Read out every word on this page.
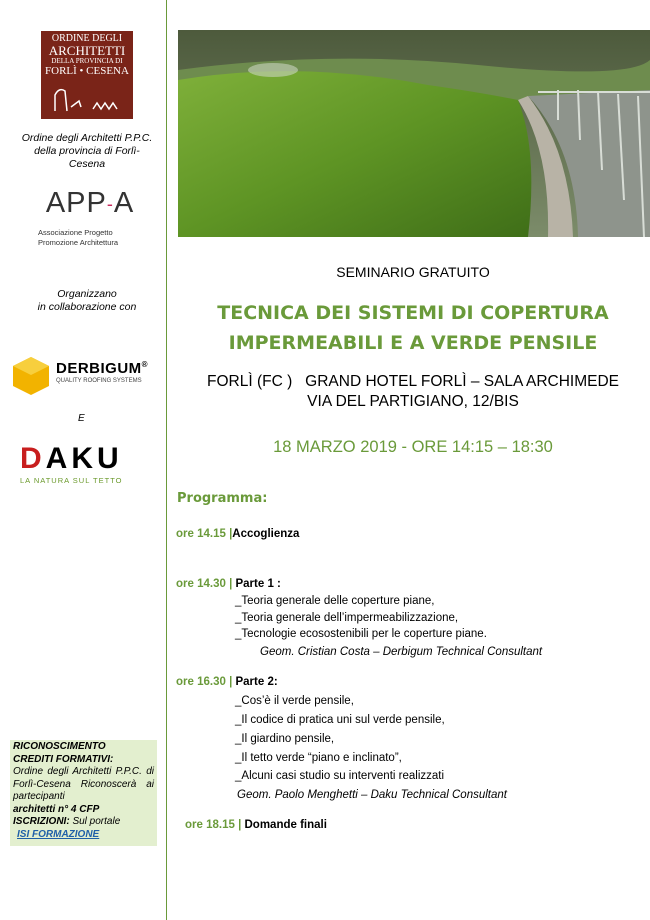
ORDINE DEGLI
ARCHITETTI
DELLA PROVINCIA DI
FORLÌ • CESENA
Ordine degli Architetti P.P.C.
della provincia di Forlì-
Cesena
APP-A
Associazione Progetto
Promozione Architettura
Organizzano
in collaborazione con
DERBIGUM®
QUALITY ROOFING SYSTEMS
E
DAKU
LA NATURA SUL TETTO
RICONOSCIMENTO
CREDITI FORMATIVI:
Ordine degli Architetti P.P.C. di Forlì-Cesena Riconoscerà ai partecipanti
architetti n° 4 CFP
ISCRIZIONI: Sul portale
ISI FORMAZIONE
SEMINARIO GRATUITO
TECNICA DEI SISTEMI DI COPERTURA
IMPERMEABILI E A VERDE PENSILE
FORLÌ (FC )   GRAND HOTEL FORLÌ – SALA ARCHIMEDE
VIA DEL PARTIGIANO, 12/BIS
18 MARZO 2019 - ORE 14:15 – 18:30
Programma:
ore 14.15 |Accoglienza
ore 14.30 | Parte 1 :
_Teoria generale delle coperture piane,
_Teoria generale dell’impermeabilizzazione,
_Tecnologie ecosostenibili per le coperture piane.
Geom. Cristian Costa – Derbigum Technical Consultant
ore 16.30 | Parte 2:
_Cos’è il verde pensile,
_Il codice di pratica uni sul verde pensile,
_Il giardino pensile,
_Il tetto verde “piano e inclinato”,
_Alcuni casi studio su interventi realizzati
Geom. Paolo Menghetti – Daku Technical Consultant
ore 18.15 | Domande finali
